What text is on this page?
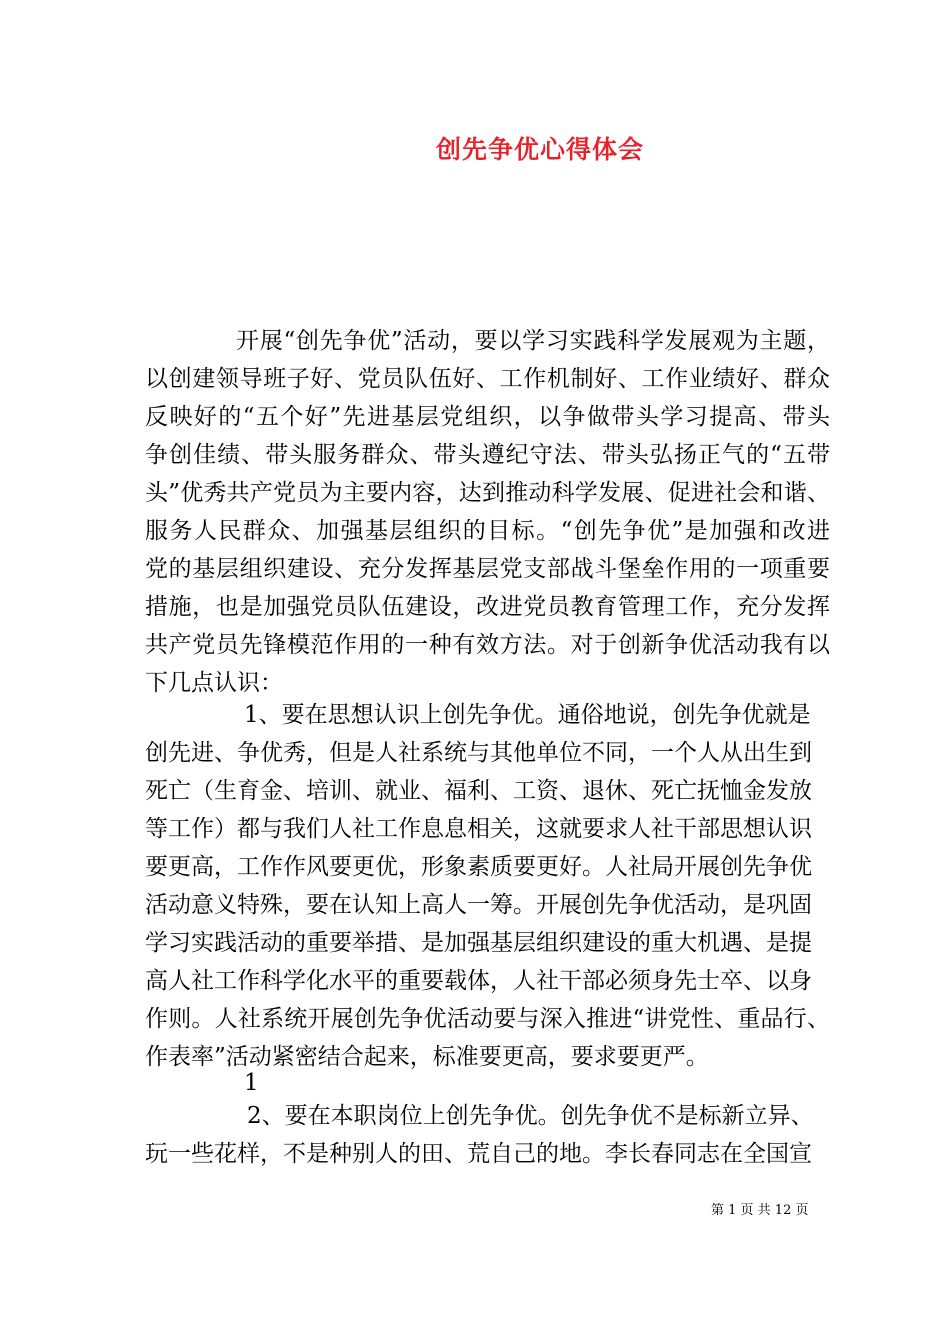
创先争优心得体会
开展“创先争优”活动，要以学习实践科学发展观为主题，
以创建领导班子好、党员队伍好、工作机制好、工作业绩好、群众
反映好的“五个好”先进基层党组织，以争做带头学习提高、带头
争创佳绩、带头服务群众、带头遵纪守法、带头弘扬正气的“五带
头”优秀共产党员为主要内容，达到推动科学发展、促进社会和谐、
服务人民群众、加强基层组织的目标。“创先争优”是加强和改进
党的基层组织建设、充分发挥基层党支部战斗堡垒作用的一项重要
措施，也是加强党员队伍建设，改进党员教育管理工作，充分发挥
共产党员先锋模范作用的一种有效方法。对于创新争优活动我有以
下几点认识：
1、要在思想认识上创先争优。通俗地说，创先争优就是
创先进、争优秀，但是人社系统与其他单位不同，一个人从出生到
死亡（生育金、培训、就业、福利、工资、退休、死亡抚恤金发放
等工作）都与我们人社工作息息相关，这就要求人社干部思想认识
要更高，工作作风要更优，形象素质要更好。人社局开展创先争优
活动意义特殊，要在认知上高人一筹。开展创先争优活动，是巩固
学习实践活动的重要举措、是加强基层组织建设的重大机遇、是提
高人社工作科学化水平的重要载体，人社干部必须身先士卒、以身
作则。人社系统开展创先争优活动要与深入推进“讲党性、重品行、
作表率”活动紧密结合起来，标准要更高，要求要更严。
1
2、要在本职岗位上创先争优。创先争优不是标新立异、
玩一些花样，不是种别人的田、荒自己的地。李长春同志在全国宣
第 1 页 共 12 页
